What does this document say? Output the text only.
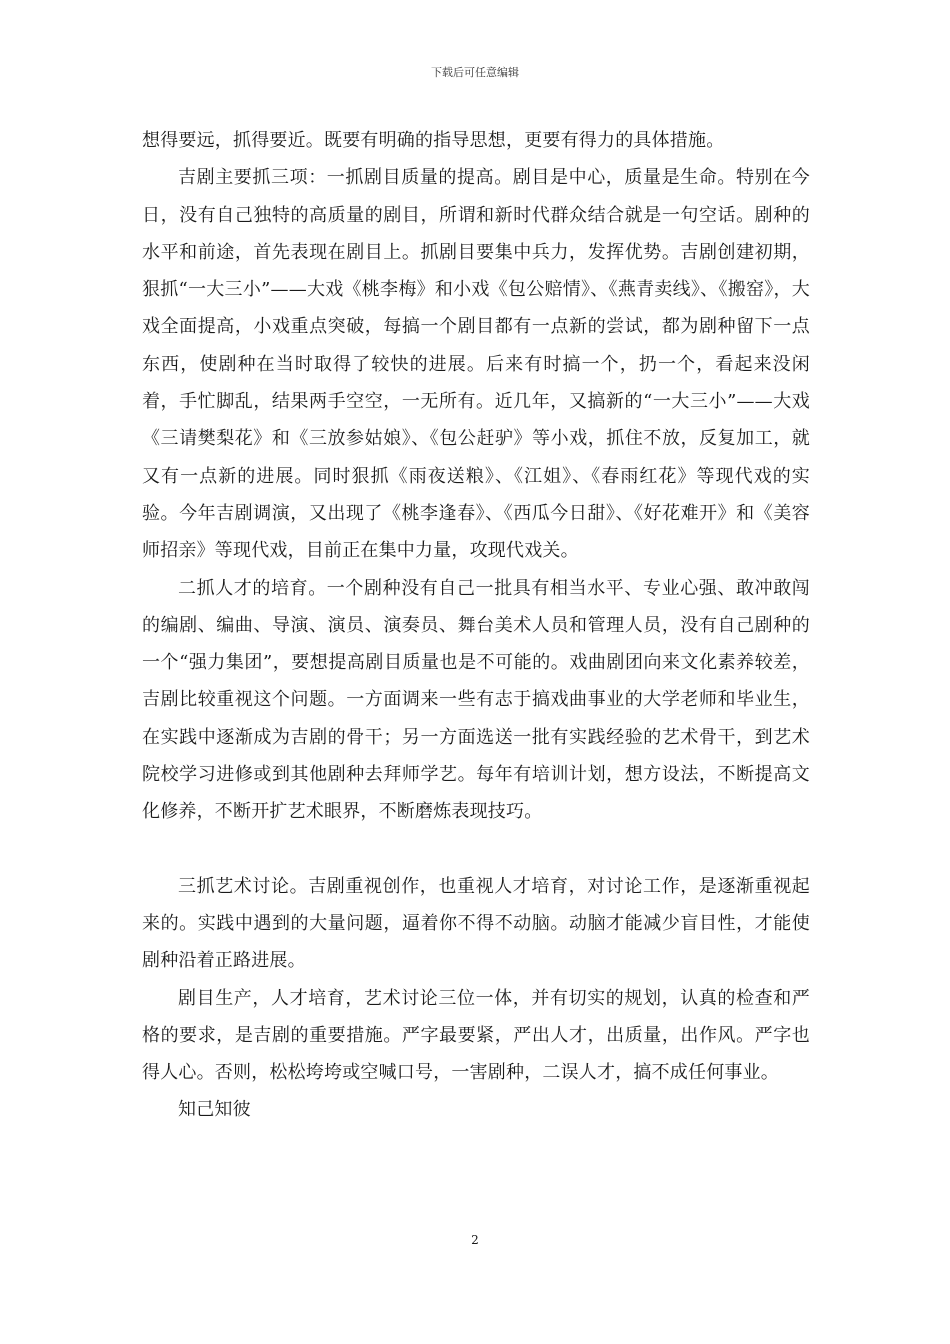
下载后可任意编辑

想得要远，抓得要近。既要有明确的指导思想，更要有得力的具体措施。

吉剧主要抓三项：一抓剧目质量的提高。剧目是中心，质量是生命。特别在今日，没有自己独特的高质量的剧目，所谓和新时代群众结合就是一句空话。剧种的水平和前途，首先表现在剧目上。抓剧目要集中兵力，发挥优势。吉剧创建初期，狠抓“一大三小”——大戏《桃李梅》和小戏《包公赔情》、《燕青卖线》、《搬窑》，大戏全面提高，小戏重点突破，每搞一个剧目都有一点新的尝试，都为剧种留下一点东西，使剧种在当时取得了较快的进展。后来有时搞一个，扔一个，看起来没闲着，手忙脚乱，结果两手空空，一无所有。近几年，又搞新的“一大三小”——大戏《三请樊梨花》和《三放参姑娘》、《包公赶驴》等小戏，抓住不放，反复加工，就又有一点新的进展。同时狠抓《雨夜送粮》、《江姐》、《春雨红花》等现代戏的实验。今年吉剧调演，又出现了《桃李逢春》、《西瓜今日甜》、《好花难开》和《美容师招亲》等现代戏，目前正在集中力量，攻现代戏关。

二抓人才的培育。一个剧种没有自己一批具有相当水平、专业心强、敢冲敢闯的编剧、编曲、导演、演员、演奏员、舞台美术人员和管理人员，没有自己剧种的一个“强力集团”，要想提高剧目质量也是不可能的。戏曲剧团向来文化素养较差，吉剧比较重视这个问题。一方面调来一些有志于搞戏曲事业的大学老师和毕业生，在实践中逐渐成为吉剧的骨干；另一方面选送一批有实践经验的艺术骨干，到艺术院校学习进修或到其他剧种去拜师学艺。每年有培训计划，想方设法，不断提高文化修养，不断开扩艺术眼界，不断磨炼表现技巧。

三抓艺术讨论。吉剧重视创作，也重视人才培育，对讨论工作，是逐渐重视起来的。实践中遇到的大量问题，逼着你不得不动脑。动脑才能减少盲目性，才能使剧种沿着正路进展。

剧目生产，人才培育，艺术讨论三位一体，并有切实的规划，认真的检查和严格的要求，是吉剧的重要措施。严字最要紧，严出人才，出质量，出作风。严字也得人心。否则，松松垮垮或空喊口号，一害剧种，二误人才，搞不成任何事业。

知己知彼

2
